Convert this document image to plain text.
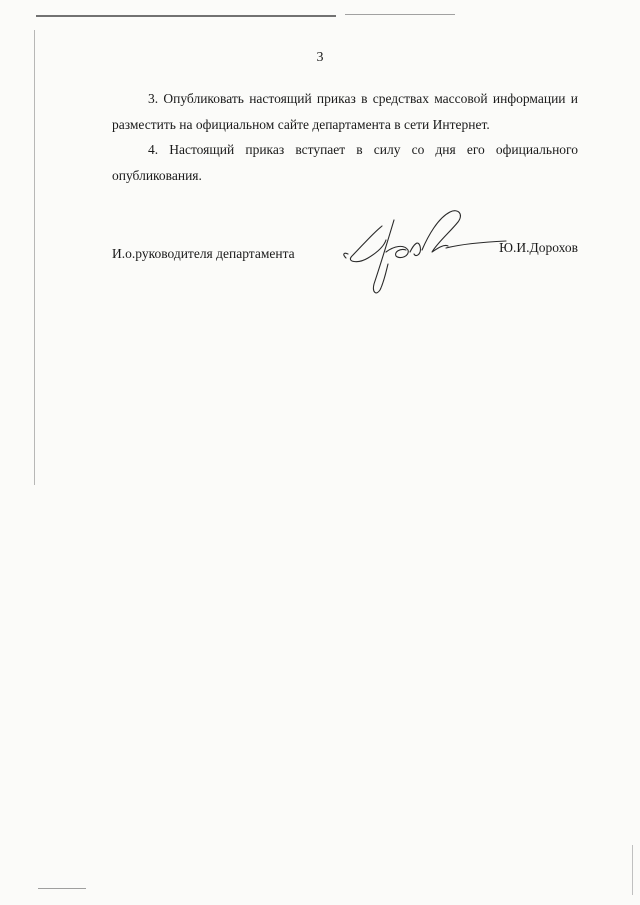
3

3. Опубликовать настоящий приказ в средствах массовой информации и разместить на официальном сайте департамента в сети Интернет.

4. Настоящий приказ вступает в силу со дня его официального опубликования.

И.о.руководителя департамента	Ю.И.Дорохов
